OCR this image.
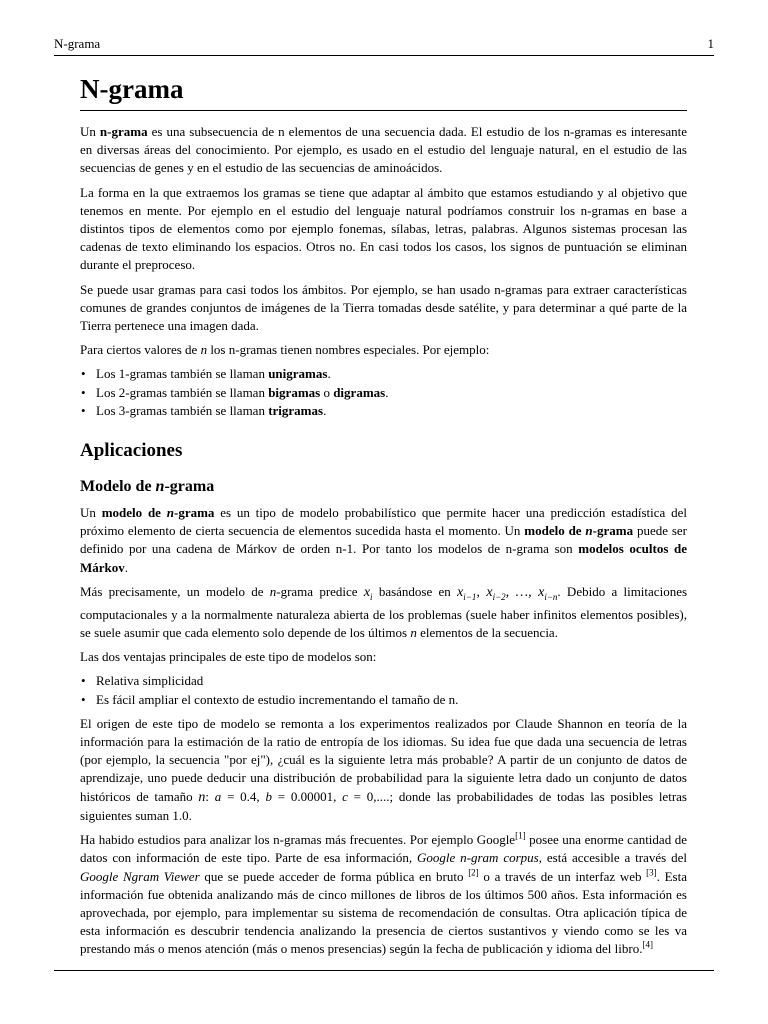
N-grama	1
N-grama

Un n-grama es una subsecuencia de n elementos de una secuencia dada. El estudio de los n-gramas es interesante en diversas áreas del conocimiento. Por ejemplo, es usado en el estudio del lenguaje natural, en el estudio de las secuencias de genes y en el estudio de las secuencias de aminoácidos.

La forma en la que extraemos los gramas se tiene que adaptar al ámbito que estamos estudiando y al objetivo que tenemos en mente. Por ejemplo en el estudio del lenguaje natural podríamos construir los n-gramas en base a distintos tipos de elementos como por ejemplo fonemas, sílabas, letras, palabras. Algunos sistemas procesan las cadenas de texto eliminando los espacios. Otros no. En casi todos los casos, los signos de puntuación se eliminan durante el preproceso.

Se puede usar gramas para casi todos los ámbitos. Por ejemplo, se han usado n-gramas para extraer características comunes de grandes conjuntos de imágenes de la Tierra tomadas desde satélite, y para determinar a qué parte de la Tierra pertenece una imagen dada.

Para ciertos valores de n los n-gramas tienen nombres especiales. Por ejemplo:

• Los 1-gramas también se llaman unigramas.
• Los 2-gramas también se llaman bigramas o digramas.
• Los 3-gramas también se llaman trigramas.
Aplicaciones
Modelo de n-grama

Un modelo de n-grama es un tipo de modelo probabilístico que permite hacer una predicción estadística del próximo elemento de cierta secuencia de elementos sucedida hasta el momento. Un modelo de n-grama puede ser definido por una cadena de Márkov de orden n-1. Por tanto los modelos de n-grama son modelos ocultos de Márkov.

Más precisamente, un modelo de n-grama predice $x_i$ basándose en $x_{i-1}$, $x_{i-2}$, …, $x_{i-n}$. Debido a limitaciones computacionales y a la normalmente naturaleza abierta de los problemas (suele haber infinitos elementos posibles), se suele asumir que cada elemento solo depende de los últimos n elementos de la secuencia.

Las dos ventajas principales de este tipo de modelos son:

• Relativa simplicidad
• Es fácil ampliar el contexto de estudio incrementando el tamaño de n.

El origen de este tipo de modelo se remonta a los experimentos realizados por Claude Shannon en teoría de la información para la estimación de la ratio de entropía de los idiomas. Su idea fue que dada una secuencia de letras (por ejemplo, la secuencia "por ej"), ¿cuál es la siguiente letra más probable? A partir de un conjunto de datos de aprendizaje, uno puede deducir una distribución de probabilidad para la siguiente letra dado un conjunto de datos históricos de tamaño n: a = 0.4, b = 0.00001, c = 0,....; donde las probabilidades de todas las posibles letras siguientes suman 1.0.

Ha habido estudios para analizar los n-gramas más frecuentes. Por ejemplo Google[1] posee una enorme cantidad de datos con información de este tipo. Parte de esa información, Google n-gram corpus, está accesible a través del Google Ngram Viewer que se puede acceder de forma pública en bruto [2] o a través de un interfaz web [3]. Esta información fue obtenida analizando más de cinco millones de libros de los últimos 500 años. Esta información es aprovechada, por ejemplo, para implementar su sistema de recomendación de consultas. Otra aplicación típica de esta información es descubrir tendencia analizando la presencia de ciertos sustantivos y viendo como se les va prestando más o menos atención (más o menos presencias) según la fecha de publicación y idioma del libro.[4]
